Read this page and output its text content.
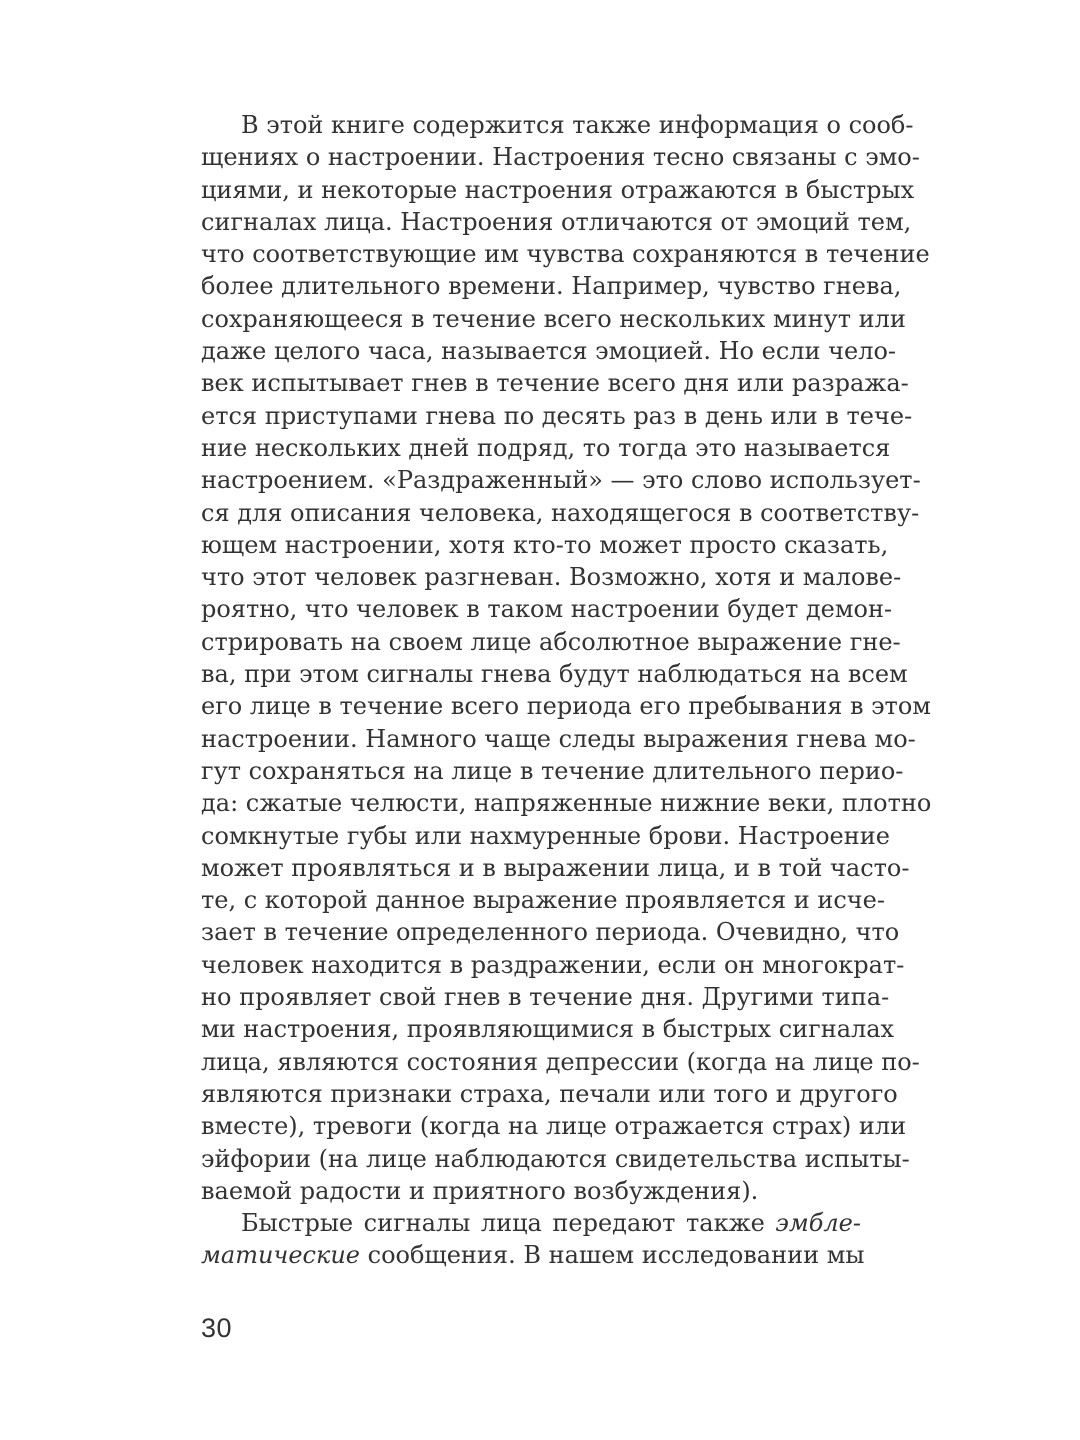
В этой книге содержится также информация о сооб-
щениях о настроении. Настроения тесно связаны с эмо-
циями, и некоторые настроения отражаются в быстрых
сигналах лица. Настроения отличаются от эмоций тем,
что соответствующие им чувства сохраняются в течение
более длительного времени. Например, чувство гнева,
сохраняющееся в течение всего нескольких минут или
даже целого часа, называется эмоцией. Но если чело-
век испытывает гнев в течение всего дня или разража-
ется приступами гнева по десять раз в день или в тече-
ние нескольких дней подряд, то тогда это называется
настроением. «Раздраженный» — это слово использует-
ся для описания человека, находящегося в соответству-
ющем настроении, хотя кто-то может просто сказать,
что этот человек разгневан. Возможно, хотя и малове-
роятно, что человек в таком настроении будет демон-
стрировать на своем лице абсолютное выражение гне-
ва, при этом сигналы гнева будут наблюдаться на всем
его лице в течение всего периода его пребывания в этом
настроении. Намного чаще следы выражения гнева мо-
гут сохраняться на лице в течение длительного перио-
да: сжатые челюсти, напряженные нижние веки, плотно
сомкнутые губы или нахмуренные брови. Настроение
может проявляться и в выражении лица, и в той часто-
те, с которой данное выражение проявляется и исче-
зает в течение определенного периода. Очевидно, что
человек находится в раздражении, если он многократ-
но проявляет свой гнев в течение дня. Другими типа-
ми настроения, проявляющимися в быстрых сигналах
лица, являются состояния депрессии (когда на лице по-
являются признаки страха, печали или того и другого
вместе), тревоги (когда на лице отражается страх) или
эйфории (на лице наблюдаются свидетельства испыты-
ваемой радости и приятного возбуждения).
Быстрые сигналы лица передают также эмбле-
матические сообщения. В нашем исследовании мы
30
